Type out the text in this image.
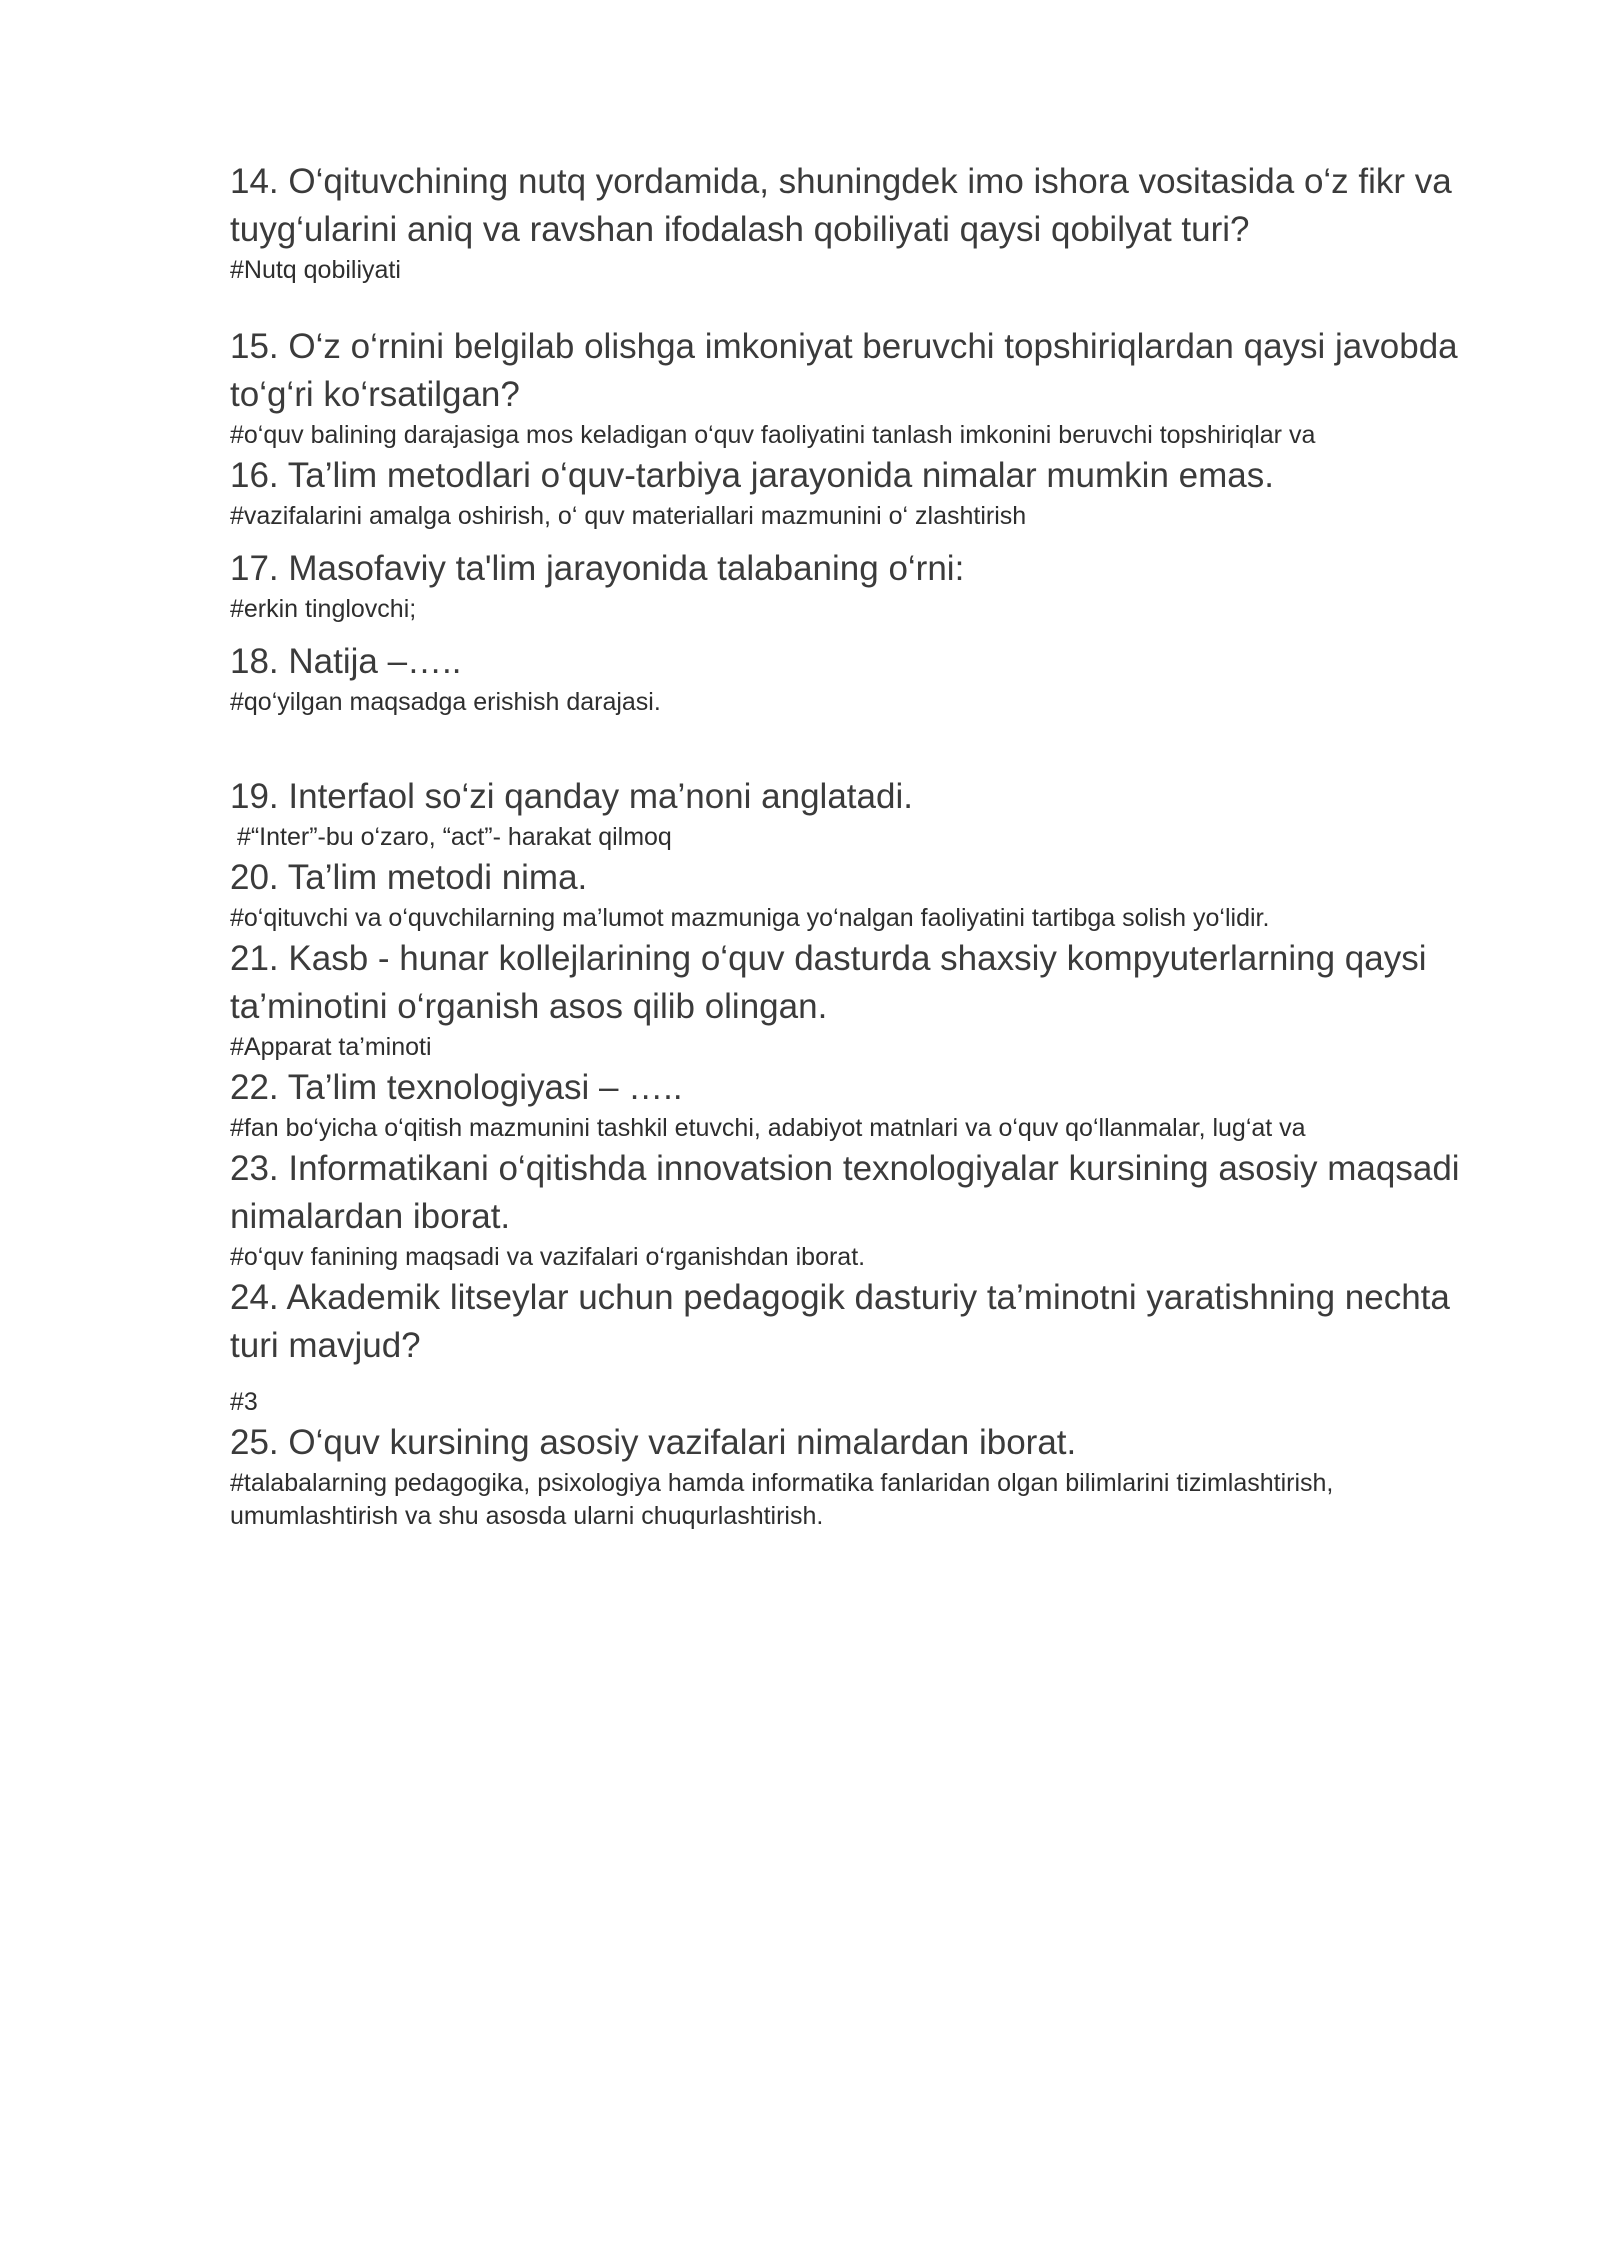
14. O‘qituvchining nutq yordamida, shuningdek imo ishora vositasida o‘z fikr va tuyg‘ularini aniq va ravshan ifodalash qobiliyati qaysi qobilyat turi?

#Nutq qobiliyati

15. O‘z o‘rnini belgilab olishga imkoniyat beruvchi topshiriqlardan qaysi javobda to‘g‘ri ko‘rsatilgan?

#o‘quv balining darajasiga mos keladigan o‘quv faoliyatini tanlash imkonini beruvchi topshiriqlar va

16. Ta’lim metodlari o‘quv-tarbiya jarayonida nimalar mumkin emas.

#vazifalarini amalga oshirish, o‘ quv materiallari mazmunini o‘ zlashtirish

17. Masofaviy ta'lim jarayonida talabaning o‘rni:

#erkin tinglovchi;

18. Natija –…..

#qo‘yilgan maqsadga erishish darajasi.

19. Interfaol so‘zi qanday ma’noni anglatadi.

#“Inter”-bu o‘zaro, “act”- harakat qilmoq

20. Ta’lim metodi nima.

#o‘qituvchi va o‘quvchilarning ma’lumot mazmuniga yo‘nalgan faoliyatini tartibga solish yo‘lidir.

21. Kasb - hunar kollejlarining o‘quv dasturda shaxsiy kompyuterlarning qaysi ta’minotini o‘rganish asos qilib olingan.

#Apparat ta’minoti

22. Ta’lim texnologiyasi – …..

#fan bo‘yicha o‘qitish mazmunini tashkil etuvchi, adabiyot matnlari va o‘quv qo‘llanmalar, lug‘at va

23. Informatikani o‘qitishda innovatsion texnologiyalar kursining asosiy maqsadi nimalardan iborat.

#o‘quv fanining maqsadi va vazifalari o‘rganishdan iborat.

24. Akademik litseylar uchun pedagogik dasturiy ta’minotni yaratishning nechta turi mavjud?

#3

25. O‘quv kursining asosiy vazifalari nimalardan iborat.

#talabalarning pedagogika, psixologiya hamda informatika fanlaridan olgan bilimlarini tizimlashtirish, umumlashtirish va shu asosda ularni chuqurlashtirish.
